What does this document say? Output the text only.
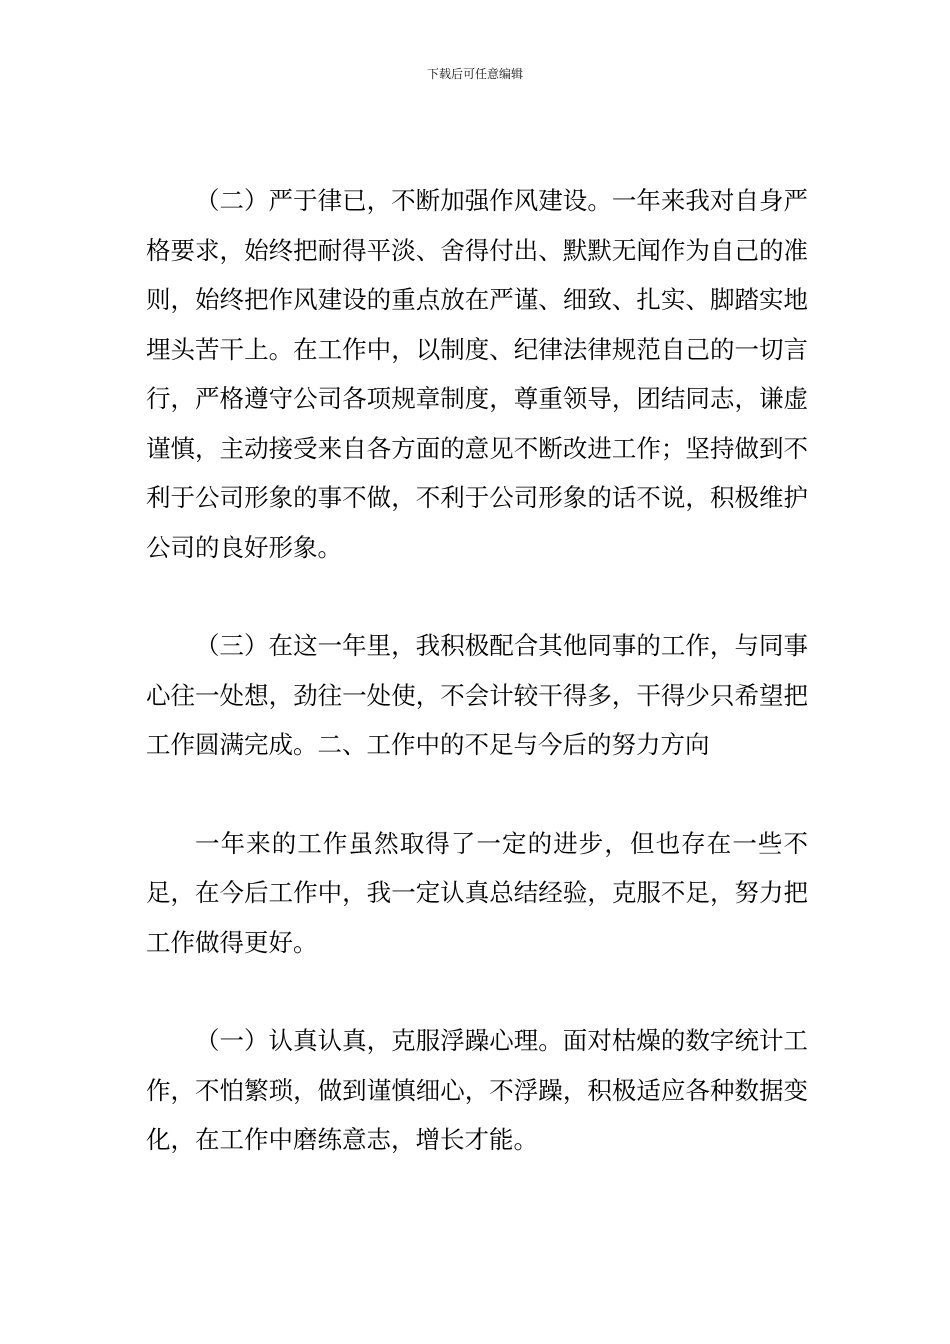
下载后可任意编辑

（二）严于律已，不断加强作风建设。一年来我对自身严格要求，始终把耐得平淡、舍得付出、默默无闻作为自己的准则，始终把作风建设的重点放在严谨、细致、扎实、脚踏实地埋头苦干上。在工作中，以制度、纪律法律规范自己的一切言行，严格遵守公司各项规章制度，尊重领导，团结同志，谦虚谨慎，主动接受来自各方面的意见不断改进工作；坚持做到不利于公司形象的事不做，不利于公司形象的话不说，积极维护公司的良好形象。

（三）在这一年里，我积极配合其他同事的工作，与同事心往一处想，劲往一处使，不会计较干得多，干得少只希望把工作圆满完成。二、工作中的不足与今后的努力方向

一年来的工作虽然取得了一定的进步，但也存在一些不足，在今后工作中，我一定认真总结经验，克服不足，努力把工作做得更好。

（一）认真认真，克服浮躁心理。面对枯燥的数字统计工作，不怕繁琐，做到谨慎细心，不浮躁，积极适应各种数据变化，在工作中磨练意志，增长才能。
